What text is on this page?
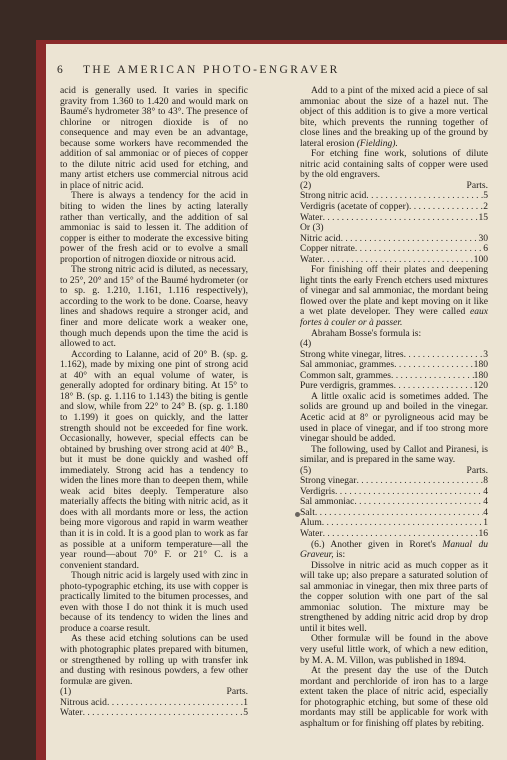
6 THE AMERICAN PHOTO-ENGRAVER

acid is generally used. It varies in specific gravity from 1.360 to 1.420 and would mark on Baumé's hydrometer 38° to 43°. The presence of chlorine or nitrogen dioxide is of no consequence and may even be an advantage, because some workers have recommended the addition of sal ammoniac or of pieces of copper to the dilute nitric acid used for etching, and many artist etchers use commercial nitrous acid in place of nitric acid.

There is always a tendency for the acid in biting to widen the lines by acting laterally rather than vertically, and the addition of sal ammoniac is said to lessen it. The addition of copper is either to moderate the excessive biting power of the fresh acid or to evolve a small proportion of nitrogen dioxide or nitrous acid.

The strong nitric acid is diluted, as necessary, to 25°, 20° and 15° of the Baumé hydrometer (or to sp. g. 1.210, 1.161, 1.116 respectively), according to the work to be done. Coarse, heavy lines and shadows require a stronger acid, and finer and more delicate work a weaker one, though much depends upon the time the acid is allowed to act.

According to Lalanne, acid of 20° B. (sp. g. 1.162), made by mixing one pint of strong acid at 40° with an equal volume of water, is generally adopted for ordinary biting. At 15° to 18° B. (sp. g. 1.116 to 1.143) the biting is gentle and slow, while from 22° to 24° B. (sp. g. 1.180 to 1.199) it goes on quickly, and the latter strength should not be exceeded for fine work. Occasionally, however, special effects can be obtained by brushing over strong acid at 40° B., but it must be done quickly and washed off immediately. Strong acid has a tendency to widen the lines more than to deepen them, while weak acid bites deeply. Temperature also materially affects the biting with nitric acid, as it does with all mordants more or less, the action being more vigorous and rapid in warm weather than it is in cold. It is a good plan to work as far as possible at a uniform temperature—all the year round—about 70° F. or 21° C. is a convenient standard.

Though nitric acid is largely used with zinc in photo-typographic etching, its use with copper is practically limited to the bitumen processes, and even with those I do not think it is much used because of its tendency to widen the lines and produce a coarse result.

As these acid etching solutions can be used with photographic plates prepared with bitumen, or strengthened by rolling up with transfer ink and dusting with resinous powders, a few other formulæ are given.

(1)	Parts.
Nitrous acid . . .	1
Water . . .	5

Add to a pint of the mixed acid a piece of sal ammoniac about the size of a hazel nut. The object of this addition is to give a more vertical bite, which prevents the running together of close lines and the breaking up of the ground by lateral erosion (Fielding).

For etching fine work, solutions of dilute nitric acid containing salts of copper were used by the old engravers.

(2)	Parts.
Strong nitric acid . . .	5
Verdigris (acetate of copper) . . .	2
Water . . .	15
Or (3)
Nitric acid . . .	30
Copper nitrate . . .	6
Water . . .	100

For finishing off their plates and deepening light tints the early French etchers used mixtures of vinegar and sal ammoniac, the mordant being flowed over the plate and kept moving on it like a wet plate developer. They were called eaux fortes à couler or à passer.

Abraham Bosse's formula is:

(4)
Strong white vinegar, litres . . .	3
Sal ammoniac, grammes . . .	180
Common salt, grammes . . .	180
Pure verdigris, grammes . . .	120

A little oxalic acid is sometimes added. The solids are ground up and boiled in the vinegar. Acetic acid at 8° or pyroligneous acid may be used in place of vinegar, and if too strong more vinegar should be added.

The following, used by Callot and Piranesi, is similar, and is prepared in the same way.

(5)	Parts.
Strong vinegar . . .	8
Verdigris . . .	4
Sal ammoniac . . .	4
Salt . . .	4
Alum . . .	1
Water . . .	16

(6.) Another given in Roret's Manual du Graveur, is:

Dissolve in nitric acid as much copper as it will take up; also prepare a saturated solution of sal ammoniac in vinegar, then mix three parts of the copper solution with one part of the sal ammoniac solution. The mixture may be strengthened by adding nitric acid drop by drop until it bites well.

Other formulæ will be found in the above very useful little work, of which a new edition, by M. A. M. Villon, was published in 1894.

At the present day the use of the Dutch mordant and perchloride of iron has to a large extent taken the place of nitric acid, especially for photographic etching, but some of these old mordants may still be applicable for work with asphaltum or for finishing off plates by rebiting.
